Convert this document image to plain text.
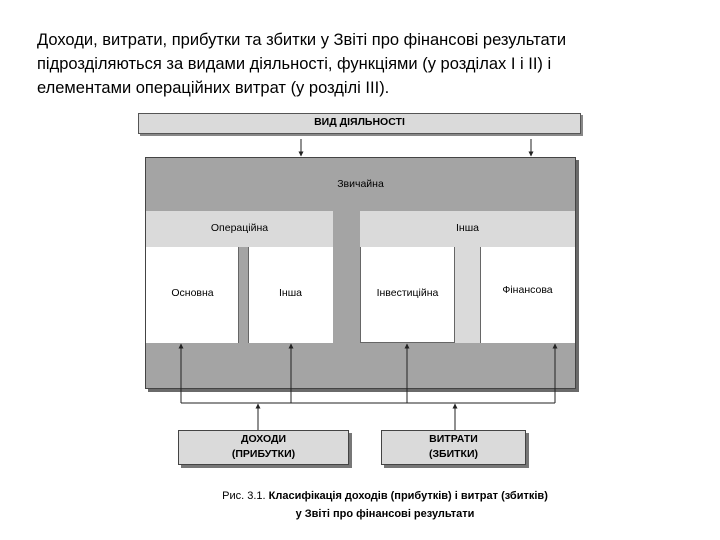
Доходи, витрати, прибутки та збитки у Звіті про фінансові результати
підрозділяються за видами діяльності, функціями (у розділах І і ІІ) і
елементами операційних витрат (у розділі ІІІ).
ВИД ДІЯЛЬНОСТІ
Звичайна
Операційна	Інша
Основна	Інша	Інвестиційна	Фінансова
ДОХОДИ
(ПРИБУТКИ)
ВИТРАТИ
(ЗБИТКИ)
Рис. 3.1. Класифікація доходів (прибутків) і витрат (збитків)
у Звіті про фінансові результати
